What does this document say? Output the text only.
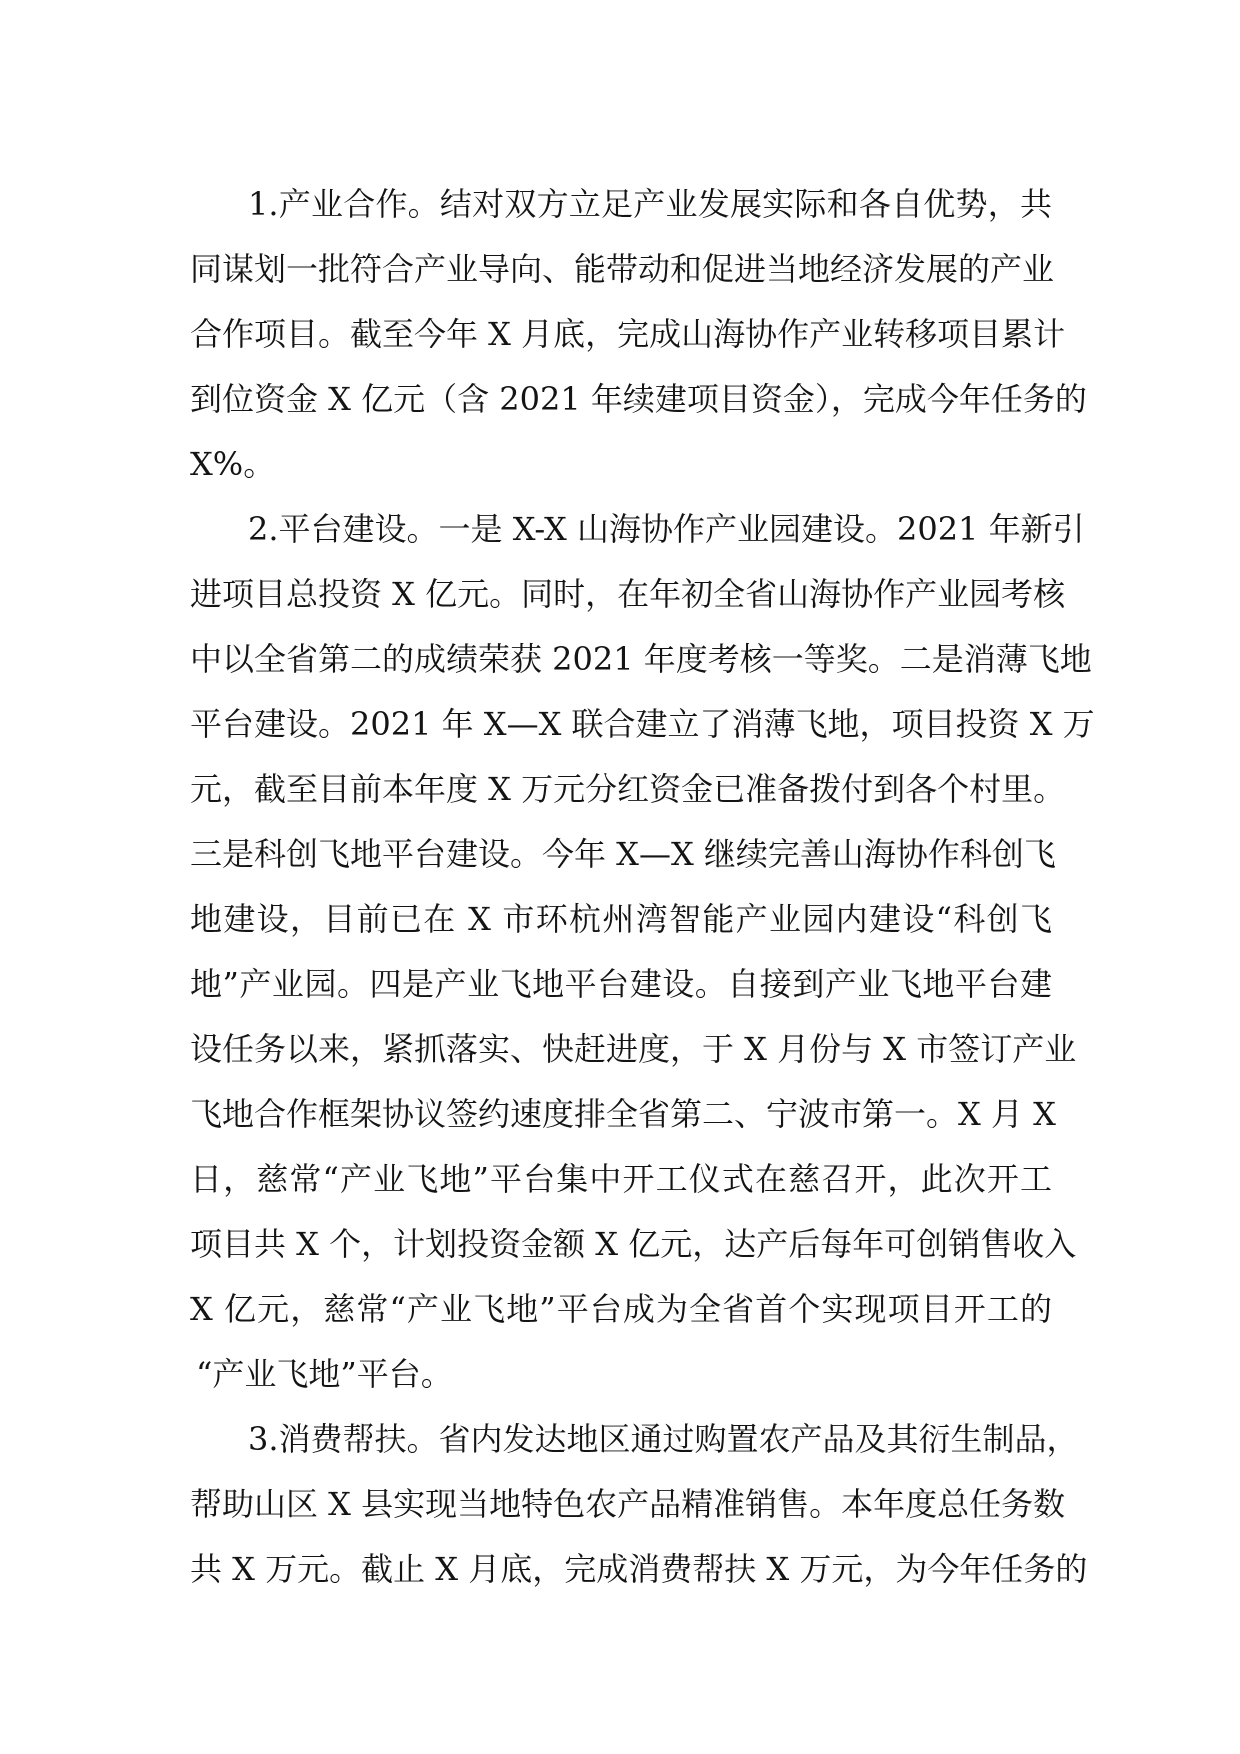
1.产业合作。结对双方立足产业发展实际和各自优势，共
同谋划一批符合产业导向、能带动和促进当地经济发展的产业
合作项目。截至今年 X 月底，完成山海协作产业转移项目累计
到位资金 X 亿元（含 2021 年续建项目资金），完成今年任务的
X%。
2.平台建设。一是 X-X 山海协作产业园建设。2021 年新引
进项目总投资 X 亿元。同时，在年初全省山海协作产业园考核
中以全省第二的成绩荣获 2021 年度考核一等奖。二是消薄飞地
平台建设。2021 年 X—X 联合建立了消薄飞地，项目投资 X 万
元，截至目前本年度 X 万元分红资金已准备拨付到各个村里。
三是科创飞地平台建设。今年 X—X 继续完善山海协作科创飞
地建设，目前已在 X 市环杭州湾智能产业园内建设“科创飞
地”产业园。四是产业飞地平台建设。自接到产业飞地平台建
设任务以来，紧抓落实、快赶进度，于 X 月份与 X 市签订产业
飞地合作框架协议签约速度排全省第二、宁波市第一。X 月 X
日，慈常“产业飞地”平台集中开工仪式在慈召开，此次开工
项目共 X 个，计划投资金额 X 亿元，达产后每年可创销售收入
X 亿元，慈常“产业飞地”平台成为全省首个实现项目开工的
“产业飞地”平台。
3.消费帮扶。省内发达地区通过购置农产品及其衍生制品，
帮助山区 X 县实现当地特色农产品精准销售。本年度总任务数
共 X 万元。截止 X 月底，完成消费帮扶 X 万元，为今年任务的
